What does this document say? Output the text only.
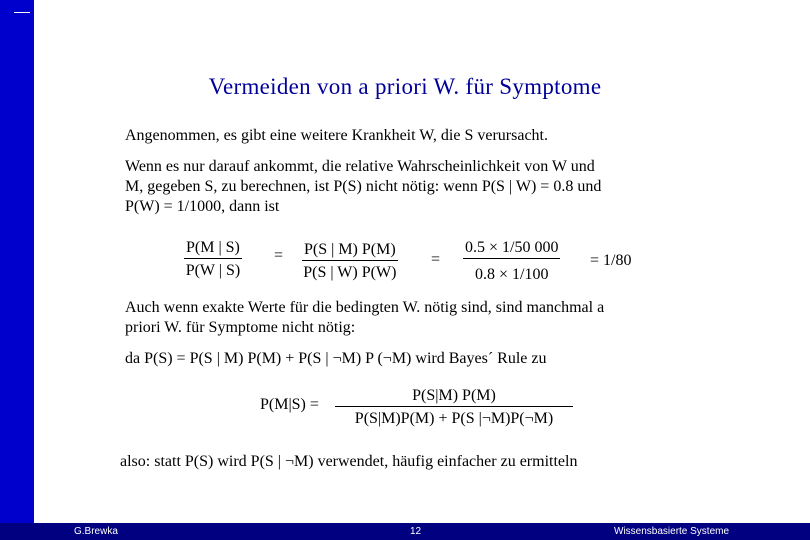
Vermeiden von a priori W. für Symptome
Angenommen, es gibt eine weitere Krankheit W, die S verursacht.
Wenn es nur darauf ankommt, die relative Wahrscheinlichkeit von W und
M, gegeben S, zu berechnen, ist P(S) nicht nötig: wenn P(S | W) = 0.8 und
P(W) = 1/1000, dann ist
$\frac{P(M | S)}{P(W | S)} = \frac{P(S | M) P(M)}{P(S | W) P(W)} = \frac{0.5 \times 1/50 000}{0.8 \times 1/100} = 1/80$
Auch wenn exakte Werte für die bedingten W. nötig sind, sind manchmal a
priori W. für Symptome nicht nötig:
da P(S) = P(S | M) P(M) + P(S | ¬M) P (¬M) wird Bayes´ Rule zu
$P(M|S) = \frac{P(S|M) P(M)}{P(S|M)P(M) + P(S |\neg M)P(\neg M)}$
also: statt P(S) wird P(S | ¬M) verwendet, häufig einfacher zu ermitteln
G.Brewka	12	Wissensbasierte Systeme
